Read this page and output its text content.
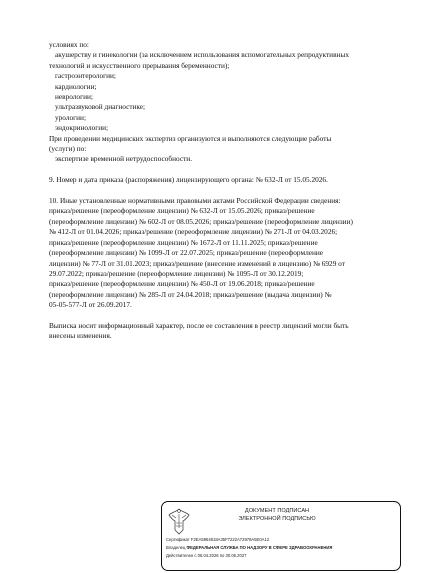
условиях по:
акушерству и гинекологии (за исключением использования вспомогательных репродуктивных
технологий и искусственного прерывания беременности);
гастроэнтерологии;
кардиологии;
неврологии;
ультразвуковой диагностике;
урологии;
эндокринологии;
При проведении медицинских экспертиз организуются и выполняются следующие работы
(услуги) по:
экспертизе временной нетрудоспособности.
9. Номер и дата приказа (распоряжения) лицензирующего органа: № 632-Л от 15.05.2026.
10. Иные установленные нормативными правовыми актами Российской Федерации сведения:
приказ/решение (переоформление лицензии) № 632-Л от 15.05.2026; приказ/решение
(переоформление лицензии) № 602-Л от 08.05.2026; приказ/решение (переоформление лицензии)
№ 412-Л от 01.04.2026; приказ/решение (переоформление лицензии) № 271-Л от 04.03.2026;
приказ/решение (переоформление лицензии) № 1672-Л от 11.11.2025; приказ/решение
(переоформление лицензии) № 1099-Л от 22.07.2025; приказ/решение (переоформление
лицензии) № 77-Л от 31.01.2023; приказ/решение (внесение изменений в лицензию) № 6929 от
29.07.2022; приказ/решение (переоформление лицензии) № 1095-Л от 30.12.2019;
приказ/решение (переоформление лицензии) № 450-Л от 19.06.2018; приказ/решение
(переоформление лицензии) № 285-Л от 24.04.2018; приказ/решение (выдача лицензии) №
05-05-577-Л от 26.09.2017.
Выписка носит информационный характер, после ее составления в реестр лицензий могли быть
внесены изменения.
ДОКУМЕНТ ПОДПИСАН
ЭЛЕКТРОННОЙ ПОДПИСЬЮ
Сертификат F2EA5954818A35F7222A72978A5E0A12
Владелец ФЕДЕРАЛЬНАЯ СЛУЖБА ПО НАДЗОРУ В СФЕРЕ ЗДРАВООХРАНЕНИЯ
Действителен с 06.04.2026 по 30.06.2027
